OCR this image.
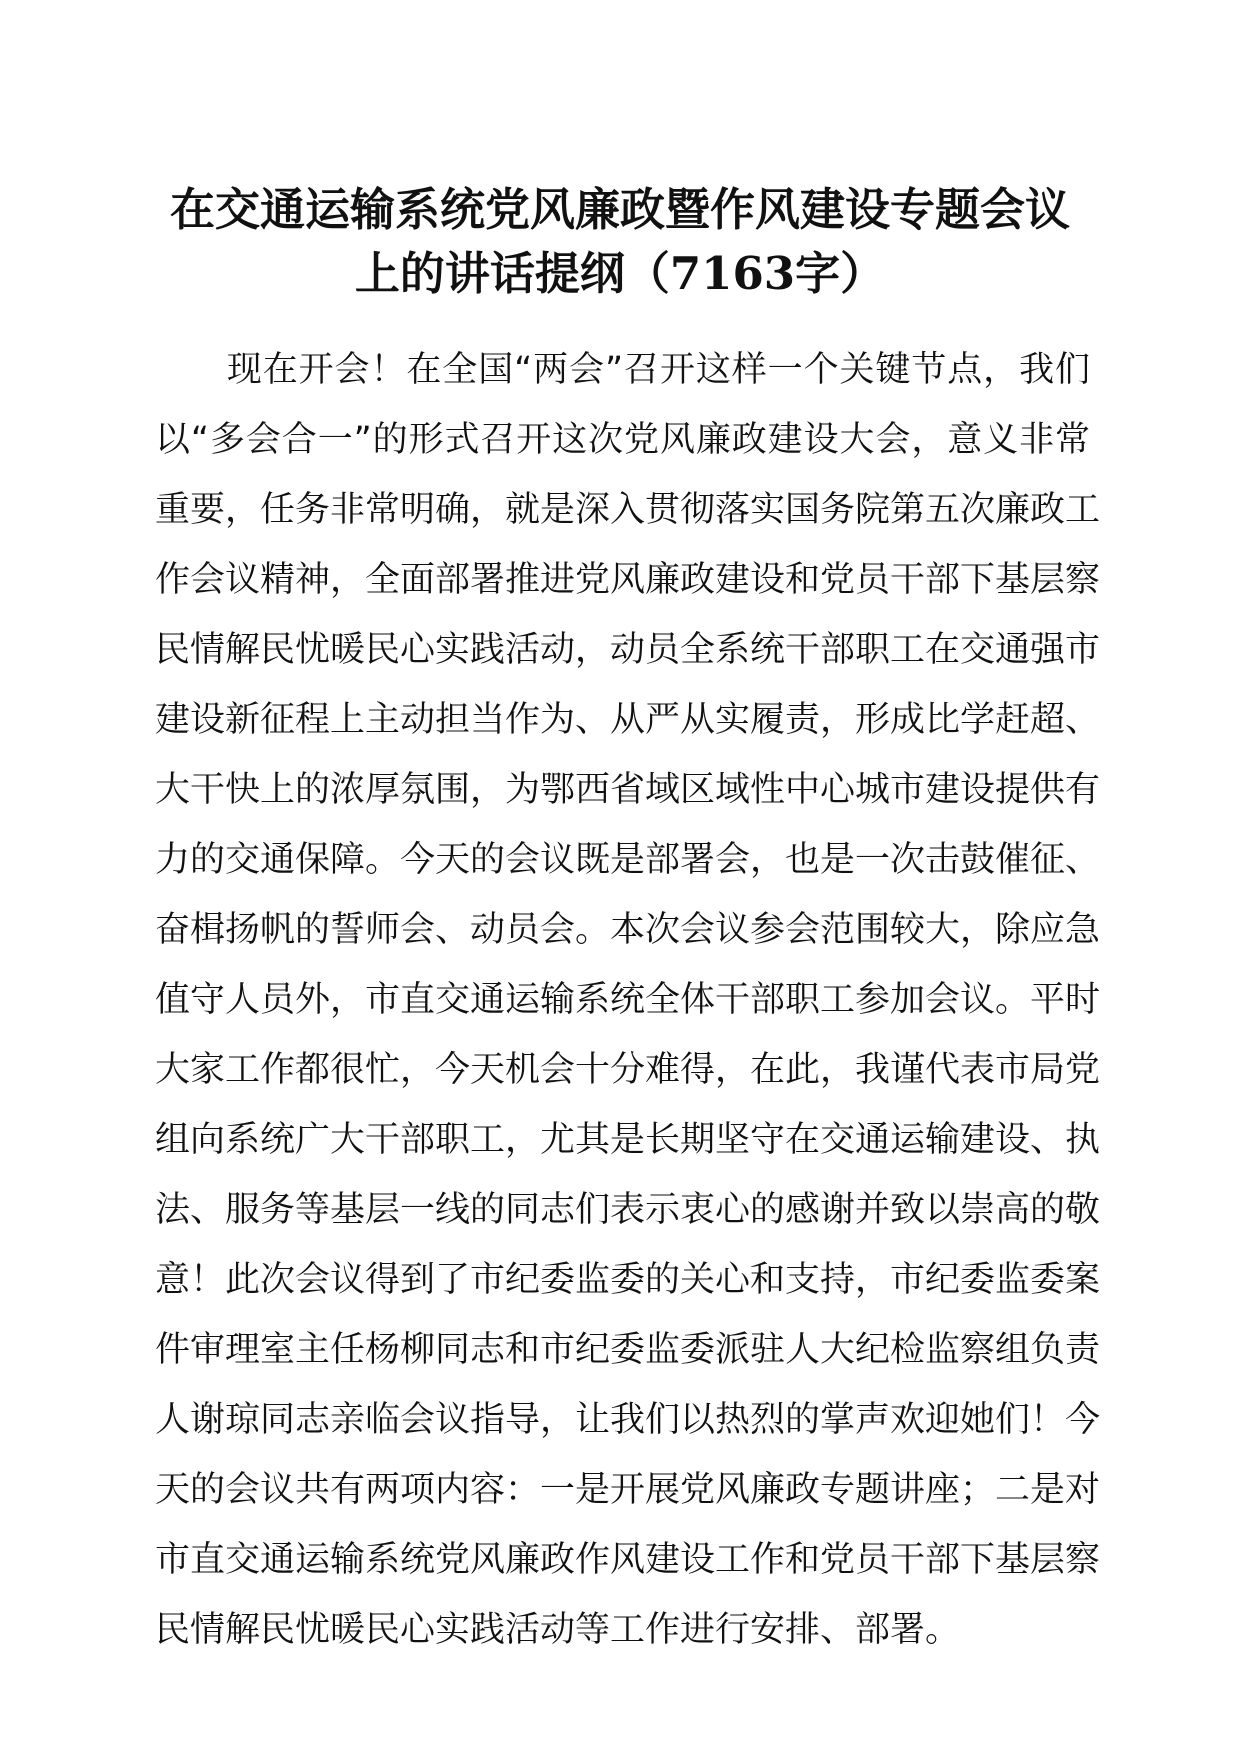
在交通运输系统党风廉政暨作风建设专题会议
上的讲话提纲（7163字）
　　现在开会！在全国“两会”召开这样一个关键节点，我们
以“多会合一”的形式召开这次党风廉政建设大会，意义非常
重要，任务非常明确，就是深入贯彻落实国务院第五次廉政工
作会议精神，全面部署推进党风廉政建设和党员干部下基层察
民情解民忧暖民心实践活动，动员全系统干部职工在交通强市
建设新征程上主动担当作为、从严从实履责，形成比学赶超、
大干快上的浓厚氛围，为鄂西省域区域性中心城市建设提供有
力的交通保障。今天的会议既是部署会，也是一次击鼓催征、
奋楫扬帆的誓师会、动员会。本次会议参会范围较大，除应急
值守人员外，市直交通运输系统全体干部职工参加会议。平时
大家工作都很忙，今天机会十分难得，在此，我谨代表市局党
组向系统广大干部职工，尤其是长期坚守在交通运输建设、执
法、服务等基层一线的同志们表示衷心的感谢并致以崇高的敬
意！此次会议得到了市纪委监委的关心和支持，市纪委监委案
件审理室主任杨柳同志和市纪委监委派驻人大纪检监察组负责
人谢琼同志亲临会议指导，让我们以热烈的掌声欢迎她们！今
天的会议共有两项内容：一是开展党风廉政专题讲座；二是对
市直交通运输系统党风廉政作风建设工作和党员干部下基层察
民情解民忧暖民心实践活动等工作进行安排、部署。
